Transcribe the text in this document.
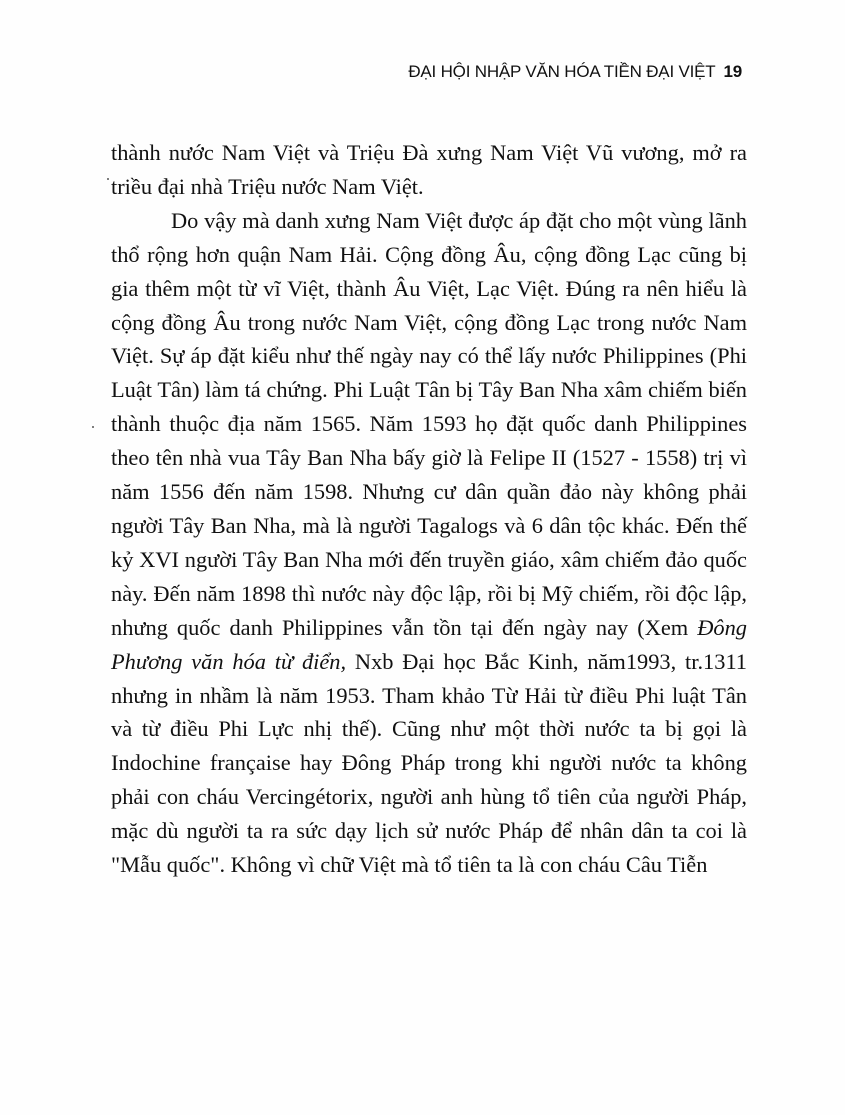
ĐẠI HỘI NHẬP VĂN HÓA TIỀN ĐẠI VIỆT 19

thành nước Nam Việt và Triệu Đà xưng Nam Việt Vũ vương, mở ra triều đại nhà Triệu nước Nam Việt.

Do vậy mà danh xưng Nam Việt được áp đặt cho một vùng lãnh thổ rộng hơn quận Nam Hải. Cộng đồng Âu, cộng đồng Lạc cũng bị gia thêm một từ vĩ Việt, thành Âu Việt, Lạc Việt. Đúng ra nên hiểu là cộng đồng Âu trong nước Nam Việt, cộng đồng Lạc trong nước Nam Việt. Sự áp đặt kiểu như thế ngày nay có thể lấy nước Philippines (Phi Luật Tân) làm tá chứng. Phi Luật Tân bị Tây Ban Nha xâm chiếm biến thành thuộc địa năm 1565. Năm 1593 họ đặt quốc danh Philippines theo tên nhà vua Tây Ban Nha bấy giờ là Felipe II (1527 - 1558) trị vì năm 1556 đến năm 1598. Nhưng cư dân quần đảo này không phải người Tây Ban Nha, mà là người Tagalogs và 6 dân tộc khác. Đến thế kỷ XVI người Tây Ban Nha mới đến truyền giáo, xâm chiếm đảo quốc này. Đến năm 1898 thì nước này độc lập, rồi bị Mỹ chiếm, rồi độc lập, nhưng quốc danh Philippines vẫn tồn tại đến ngày nay (Xem Đông Phương văn hóa từ điển, Nxb Đại học Bắc Kinh, năm1993, tr.1311 nhưng in nhầm là năm 1953. Tham khảo Từ Hải từ điều Phi luật Tân và từ điều Phi Lực nhị thế). Cũng như một thời nước ta bị gọi là Indochine française hay Đông Pháp trong khi người nước ta không phải con cháu Vercingétorix, người anh hùng tổ tiên của người Pháp, mặc dù người ta ra sức dạy lịch sử nước Pháp để nhân dân ta coi là "Mẫu quốc". Không vì chữ Việt mà tổ tiên ta là con cháu Câu Tiễn
